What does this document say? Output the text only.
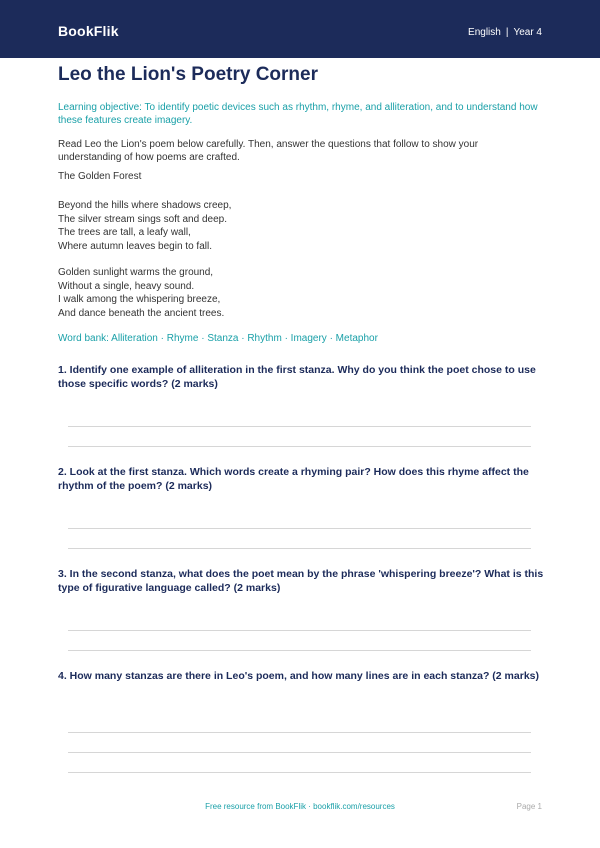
BookFlik	English | Year 4
Leo the Lion's Poetry Corner
Learning objective: To identify poetic devices such as rhythm, rhyme, and alliteration, and to understand how these features create imagery.
Read Leo the Lion's poem below carefully. Then, answer the questions that follow to show your understanding of how poems are crafted.
The Golden Forest
Beyond the hills where shadows creep,
The silver stream sings soft and deep.
The trees are tall, a leafy wall,
Where autumn leaves begin to fall.
Golden sunlight warms the ground,
Without a single, heavy sound.
I walk among the whispering breeze,
And dance beneath the ancient trees.
Word bank: Alliteration · Rhyme · Stanza · Rhythm · Imagery · Metaphor

1. Identify one example of alliteration in the first stanza. Why do you think the poet chose to use those specific words? (2 marks)

2. Look at the first stanza. Which words create a rhyming pair? How does this rhyme affect the rhythm of the poem? (2 marks)

3. In the second stanza, what does the poet mean by the phrase 'whispering breeze'? What is this type of figurative language called? (2 marks)

4. How many stanzas are there in Leo's poem, and how many lines are in each stanza? (2 marks)

Free resource from BookFlik · bookflik.com/resources	Page 1
